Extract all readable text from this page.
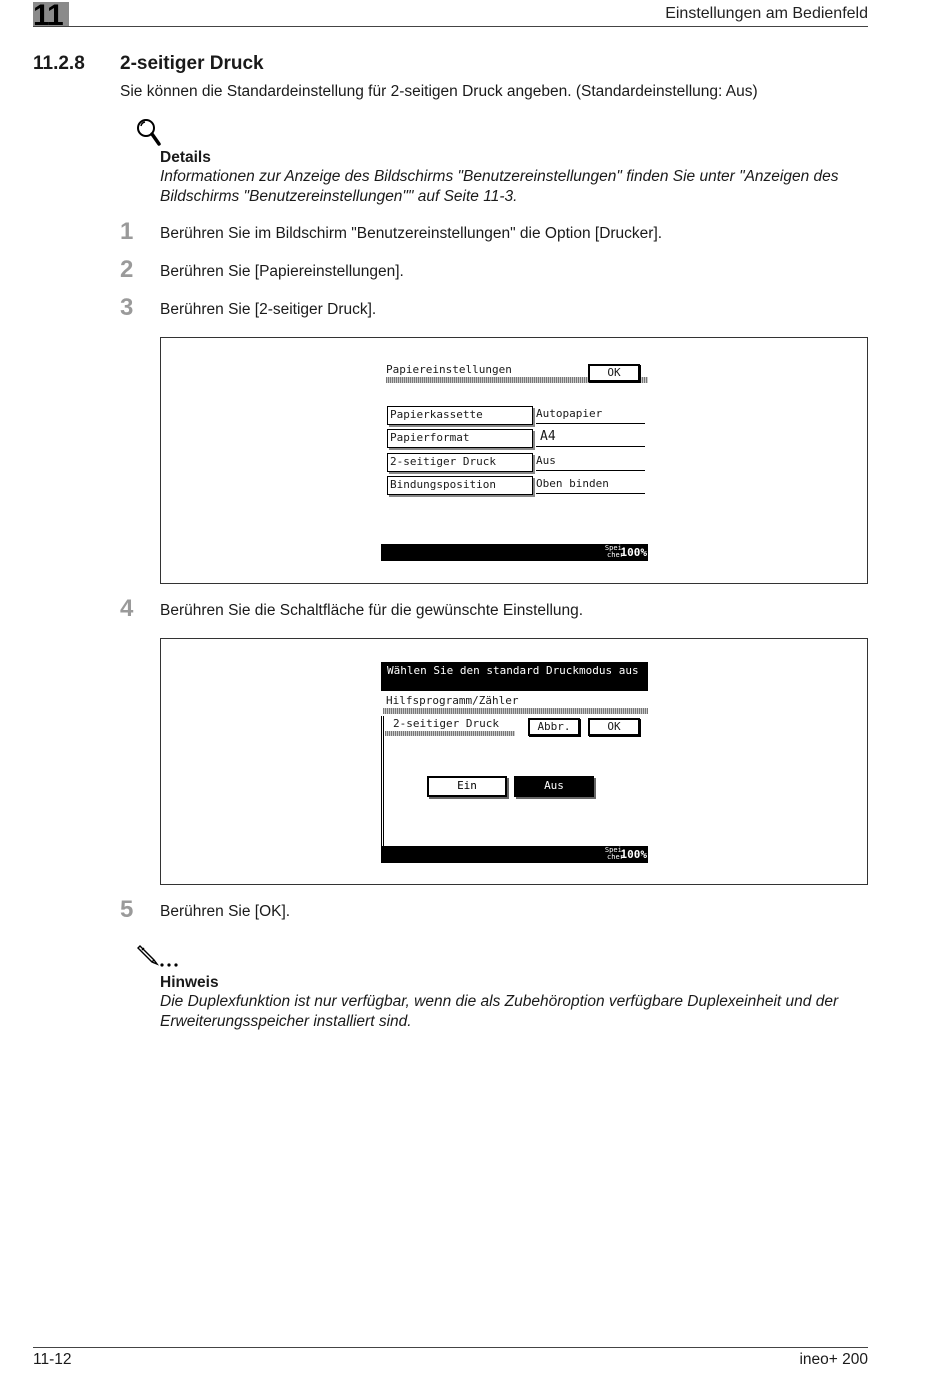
11	Einstellungen am Bedienfeld
11.2.8 2-seitiger Druck
Sie können die Standardeinstellung für 2-seitigen Druck angeben. (Standardeinstellung: Aus)
Details
Informationen zur Anzeige des Bildschirms "Benutzereinstellungen" finden Sie unter "Anzeigen des Bildschirms "Benutzereinstellungen"" auf Seite 11-3.
1 Berühren Sie im Bildschirm "Benutzereinstellungen" die Option [Drucker].
2 Berühren Sie [Papiereinstellungen].
3 Berühren Sie [2-seitiger Druck].
Papiereinstellungen	OK
Papierkassette	Autopapier
Papierformat	A4
2-seitiger Druck	Aus
Bindungsposition	Oben binden
Spei-
cher
100%
4 Berühren Sie die Schaltfläche für die gewünschte Einstellung.
Wählen Sie den standard Druckmodus aus
Hilfsprogramm/Zähler
2-seitiger Druck	Abbr.	OK
Ein	Aus
Spei-
cher
100%
5 Berühren Sie [OK].
Hinweis
Die Duplexfunktion ist nur verfügbar, wenn die als Zubehöroption verfügbare Duplexeinheit und der Erweiterungsspeicher installiert sind.
11-12	ineo+ 200
